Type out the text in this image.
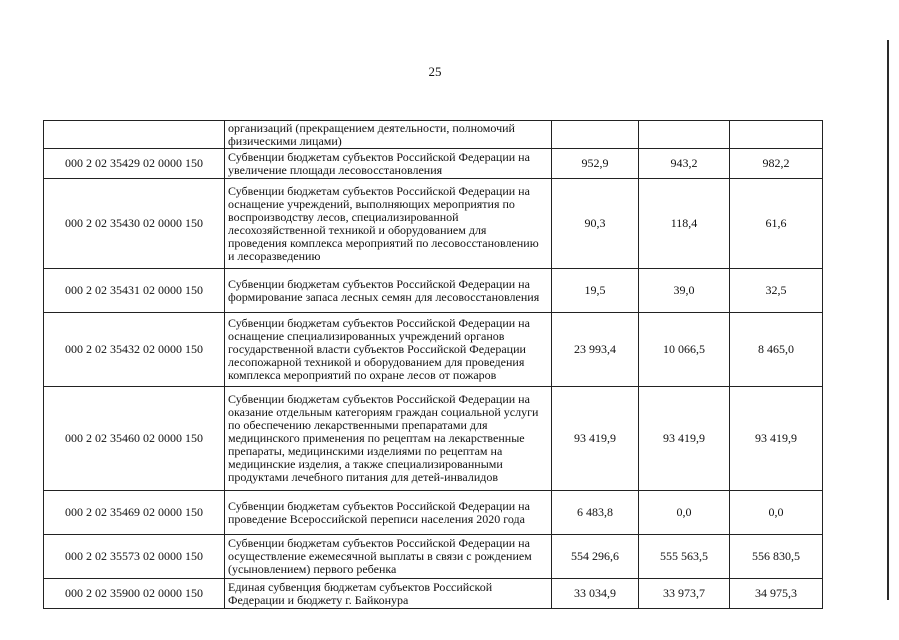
25
	организаций (прекращением деятельности, полномочий физическими лицами)			
000 2 02 35429 02 0000 150	Субвенции бюджетам субъектов Российской Федерации на увеличение площади лесовосстановления	952,9	943,2	982,2
000 2 02 35430 02 0000 150	Субвенции бюджетам субъектов Российской Федерации на оснащение учреждений, выполняющих мероприятия по воспроизводству лесов, специализированной лесохозяйственной техникой и оборудованием для проведения комплекса мероприятий по лесовосстановлению и лесоразведению	90,3	118,4	61,6
000 2 02 35431 02 0000 150	Субвенции бюджетам субъектов Российской Федерации на формирование запаса лесных семян для лесовосстановления	19,5	39,0	32,5
000 2 02 35432 02 0000 150	Субвенции бюджетам субъектов Российской Федерации на оснащение специализированных учреждений органов государственной власти субъектов Российской Федерации лесопожарной техникой и оборудованием для проведения комплекса мероприятий по охране лесов от пожаров	23 993,4	10 066,5	8 465,0
000 2 02 35460 02 0000 150	Субвенции бюджетам субъектов Российской Федерации на оказание отдельным категориям граждан социальной услуги по обеспечению лекарственными препаратами для медицинского применения по рецептам на лекарственные препараты, медицинскими изделиями по рецептам на медицинские изделия, а также специализированными продуктами лечебного питания для детей-инвалидов	93 419,9	93 419,9	93 419,9
000 2 02 35469 02 0000 150	Субвенции бюджетам субъектов Российской Федерации на проведение Всероссийской переписи населения 2020 года	6 483,8	0,0	0,0
000 2 02 35573 02 0000 150	Субвенции бюджетам субъектов Российской Федерации на осуществление ежемесячной выплаты в связи с рождением (усыновлением) первого ребенка	554 296,6	555 563,5	556 830,5
000 2 02 35900 02 0000 150	Единая субвенция бюджетам субъектов Российской Федерации и бюджету г. Байконура	33 034,9	33 973,7	34 975,3
